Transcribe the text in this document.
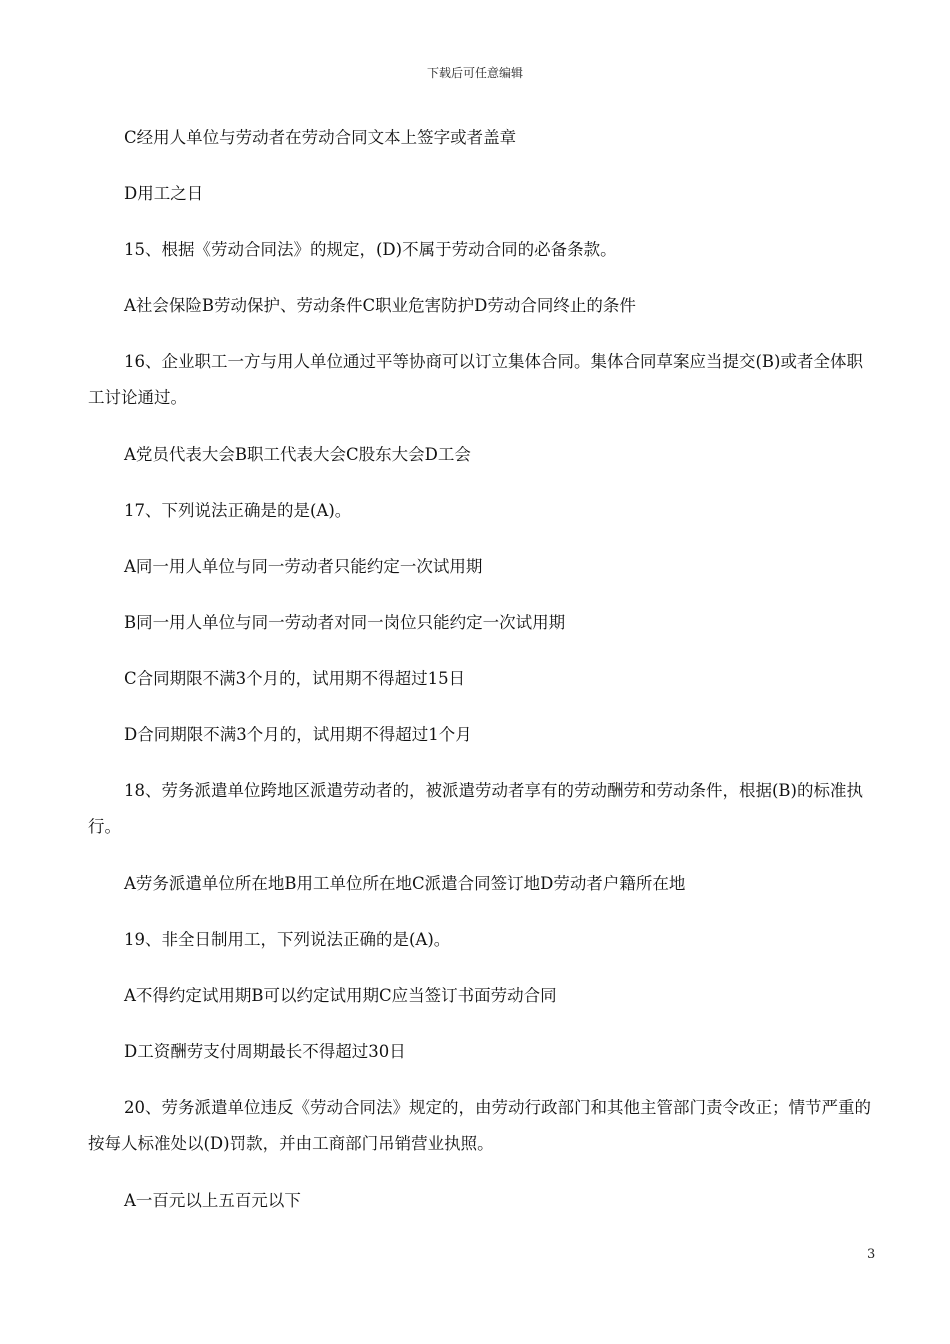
下载后可任意编辑
C经用人单位与劳动者在劳动合同文本上签字或者盖章
D用工之日
15、根据《劳动合同法》的规定，(D)不属于劳动合同的必备条款。
A社会保险B劳动保护、劳动条件C职业危害防护D劳动合同终止的条件
16、企业职工一方与用人单位通过平等协商可以订立集体合同。集体合同草案应当提交(B)或者全体职工讨论通过。
A党员代表大会B职工代表大会C股东大会D工会
17、下列说法正确是的是(A)。
A同一用人单位与同一劳动者只能约定一次试用期
B同一用人单位与同一劳动者对同一岗位只能约定一次试用期
C合同期限不满3个月的，试用期不得超过15日
D合同期限不满3个月的，试用期不得超过1个月
18、劳务派遣单位跨地区派遣劳动者的，被派遣劳动者享有的劳动酬劳和劳动条件，根据(B)的标准执行。
A劳务派遣单位所在地B用工单位所在地C派遣合同签订地D劳动者户籍所在地
19、非全日制用工，下列说法正确的是(A)。
A不得约定试用期B可以约定试用期C应当签订书面劳动合同
D工资酬劳支付周期最长不得超过30日
20、劳务派遣单位违反《劳动合同法》规定的，由劳动行政部门和其他主管部门责令改正；情节严重的按每人标准处以(D)罚款，并由工商部门吊销营业执照。
A一百元以上五百元以下
3
